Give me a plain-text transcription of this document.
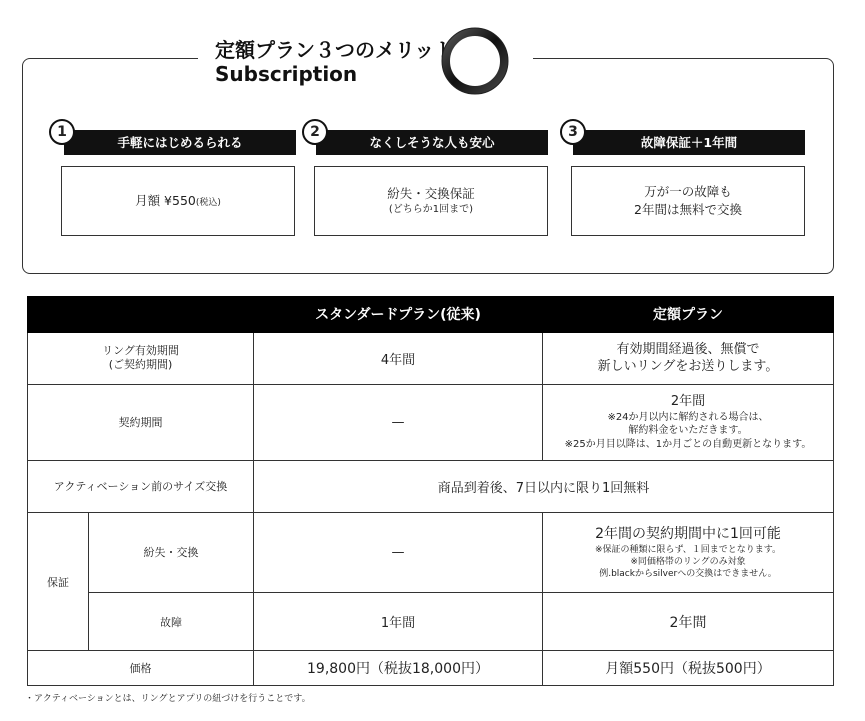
定額プラン３つのメリット
Subscription
1
手軽にはじめるられる
月額 ¥550(税込)
2
なくしそうな人も安心
紛失・交換保証
(どちらか1回まで)
3
故障保証＋1年間
万が一の故障も
2年間は無料で交換
		スタンダードプラン(従来)	定額プラン

リング有効期間
(ご契約期間)		4年間	有効期間経過後、無償で
新しいリングをお送りします。

契約期間		—	2年間
※24か月以内に解約される場合は、
解約料金をいただきます。
※25か月目以降は、1か月ごとの自動更新となります。

アクティベーション前のサイズ交換		商品到着後、7日以内に限り1回無料	
保証	紛失・交換	—	2年間の契約期間中に1回可能
※保証の種類に限らず、１回までとなります。
※同価格帯のリングのみ対象
例.blackからsilverへの交換はできません。

	故障	1年間	2年間
価格		19,800円（税抜18,000円）	月額550円（税抜500円）
・アクティベーションとは、リングとアプリの紐づけを行うことです。
